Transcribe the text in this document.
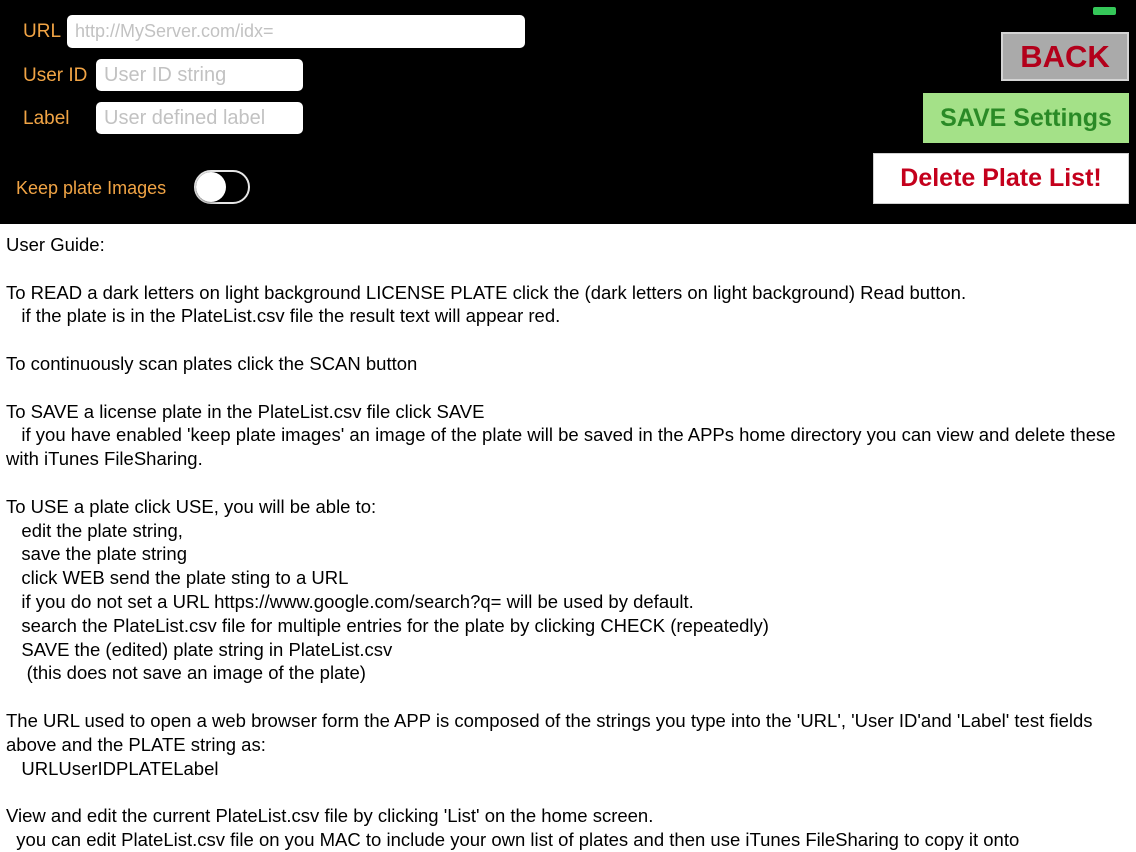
URL
http://MyServer.com/idx=
User ID
User ID string
Label
User defined label
Keep plate Images
BACK
SAVE Settings
Delete Plate List!
User Guide:
To READ a dark letters on light background LICENSE PLATE click the (dark letters on light background) Read button.
if the plate is in the PlateList.csv file the result text will appear red.
To continuously scan plates click the SCAN button
To SAVE a license plate in the PlateList.csv file click SAVE
if you have enabled 'keep plate images' an image of the plate will be saved in the APPs home directory you can view and delete these with iTunes FileSharing.
To USE a plate click USE, you will be able to:
edit the plate string,
save the plate string
click WEB send the plate sting to a URL
if you do not set a URL https://www.google.com/search?q= will be used by default.
search the PlateList.csv file for multiple entries for the plate by clicking CHECK (repeatedly)
SAVE the (edited) plate string in PlateList.csv
(this does not save an image of the plate)
The URL used to open a web browser form the APP is composed of the strings you type into the 'URL', 'User ID'and 'Label' test fields above and the PLATE string as:
URLUserIDPLATELabel
View and edit the current PlateList.csv file by clicking 'List' on the home screen.
you can edit PlateList.csv file on you MAC to include your own list of plates and then use iTunes FileSharing to copy it onto
